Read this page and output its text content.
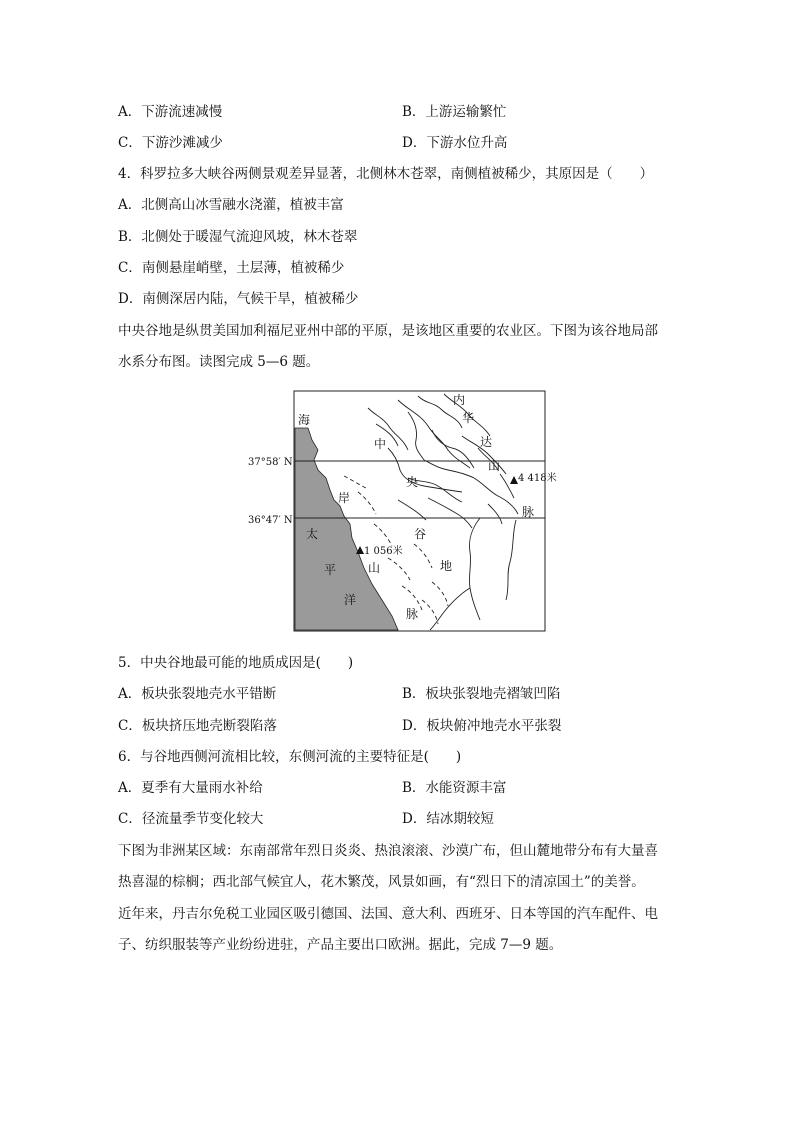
A．下游流速减慢	B．上游运输繁忙
C．下游沙滩减少	D．下游水位升高
4．科罗拉多大峡谷两侧景观差异显著，北侧林木苍翠，南侧植被稀少，其原因是（　　）
A．北侧高山冰雪融水浇灌，植被丰富
B．北侧处于暖湿气流迎风坡，林木苍翠
C．南侧悬崖峭壁，土层薄，植被稀少
D．南侧深居内陆，气候干旱，植被稀少
中央谷地是纵贯美国加利福尼亚州中部的平原，是该地区重要的农业区。下图为该谷地局部
水系分布图。读图完成 5—6 题。
37°58′ N
36°47′ N
4 418米
1 056米
海
岸
太
平
洋
内
华
达
山
脉
中
央
谷
地
山
脉
5．中央谷地最可能的地质成因是(　　)
A．板块张裂地壳水平错断	B．板块张裂地壳褶皱凹陷
C．板块挤压地壳断裂陷落	D．板块俯冲地壳水平张裂
6．与谷地西侧河流相比较，东侧河流的主要特征是(　　)
A．夏季有大量雨水补给	B．水能资源丰富
C．径流量季节变化较大	D．结冰期较短
下图为非洲某区域：东南部常年烈日炎炎、热浪滚滚、沙漠广布，但山麓地带分布有大量喜
热喜湿的棕榈；西北部气候宜人，花木繁茂，风景如画，有“烈日下的清凉国土”的美誉。
近年来，丹吉尔免税工业园区吸引德国、法国、意大利、西班牙、日本等国的汽车配件、电
子、纺织服装等产业纷纷进驻，产品主要出口欧洲。据此，完成 7—9 题。
